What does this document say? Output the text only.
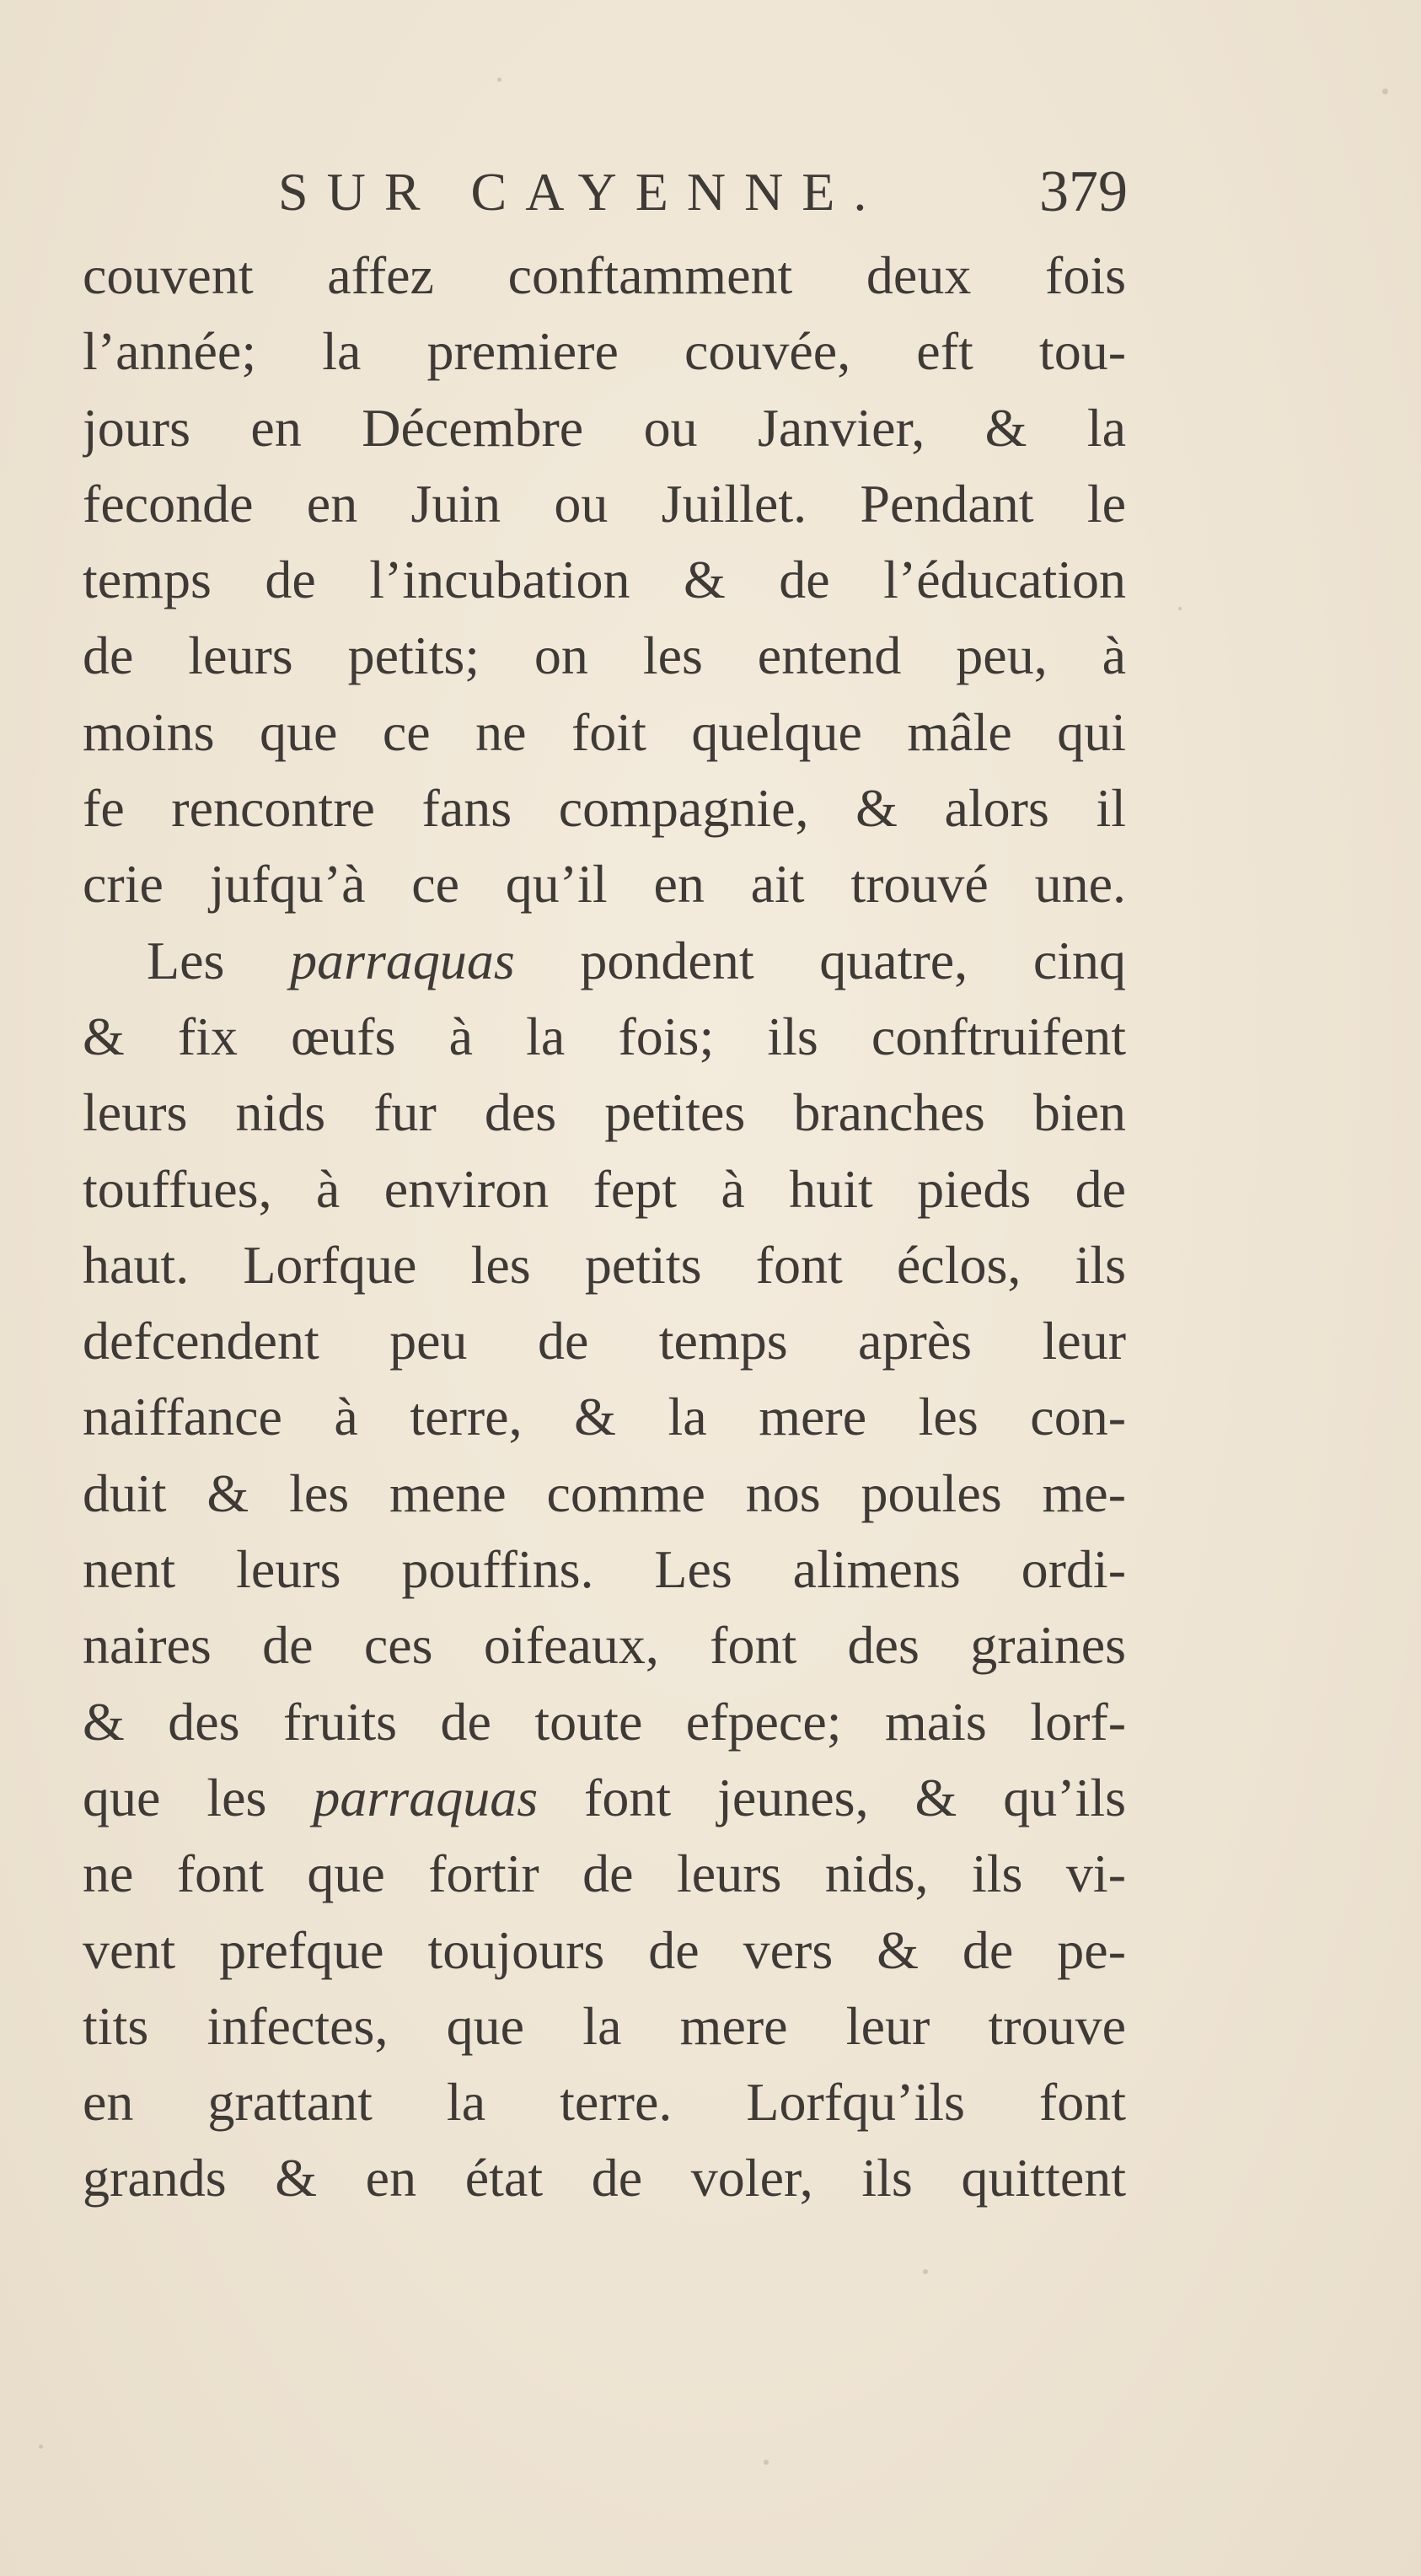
SUR CAYENNE.	379
couvent affez conftamment deux fois
l’année; la premiere couvée, eft tou-
jours en Décembre ou Janvier, & la
feconde en Juin ou Juillet. Pendant le
temps de l’incubation & de l’éducation
de leurs petits; on les entend peu, à
moins que ce ne foit quelque mâle qui
fe rencontre fans compagnie, & alors il
crie jufqu’à ce qu’il en ait trouvé une.
Les parraquas pondent quatre, cinq
& fix œufs à la fois; ils conftruifent
leurs nids fur des petites branches bien
touffues, à environ fept à huit pieds de
haut. Lorfque les petits font éclos, ils
defcendent peu de temps après leur
naiffance à terre, & la mere les con-
duit & les mene comme nos poules me-
nent leurs pouffins. Les alimens ordi-
naires de ces oifeaux, font des graines
& des fruits de toute efpece; mais lorf-
que les parraquas font jeunes, & qu’ils
ne font que fortir de leurs nids, ils vi-
vent prefque toujours de vers & de pe-
tits infectes, que la mere leur trouve
en grattant la terre. Lorfqu’ils font
grands & en état de voler, ils quittent
